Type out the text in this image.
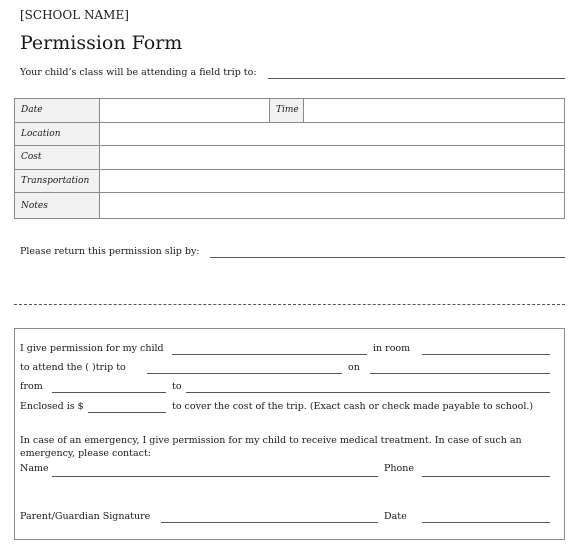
[SCHOOL NAME]
Permission Form
Your child’s class will be attending a field trip to:
Date		Time	
Location			
Cost			
Transportation			
Notes			
Please return this permission slip by:
I give permission for my child	in room
to attend the ( )trip to	on
from	to
Enclosed is $	to cover the cost of the trip. (Exact cash or check made payable to school.)
In case of an emergency, I give permission for my child to receive medical treatment. In case of such an
emergency, please contact:
Name	Phone
Parent/Guardian Signature	Date
